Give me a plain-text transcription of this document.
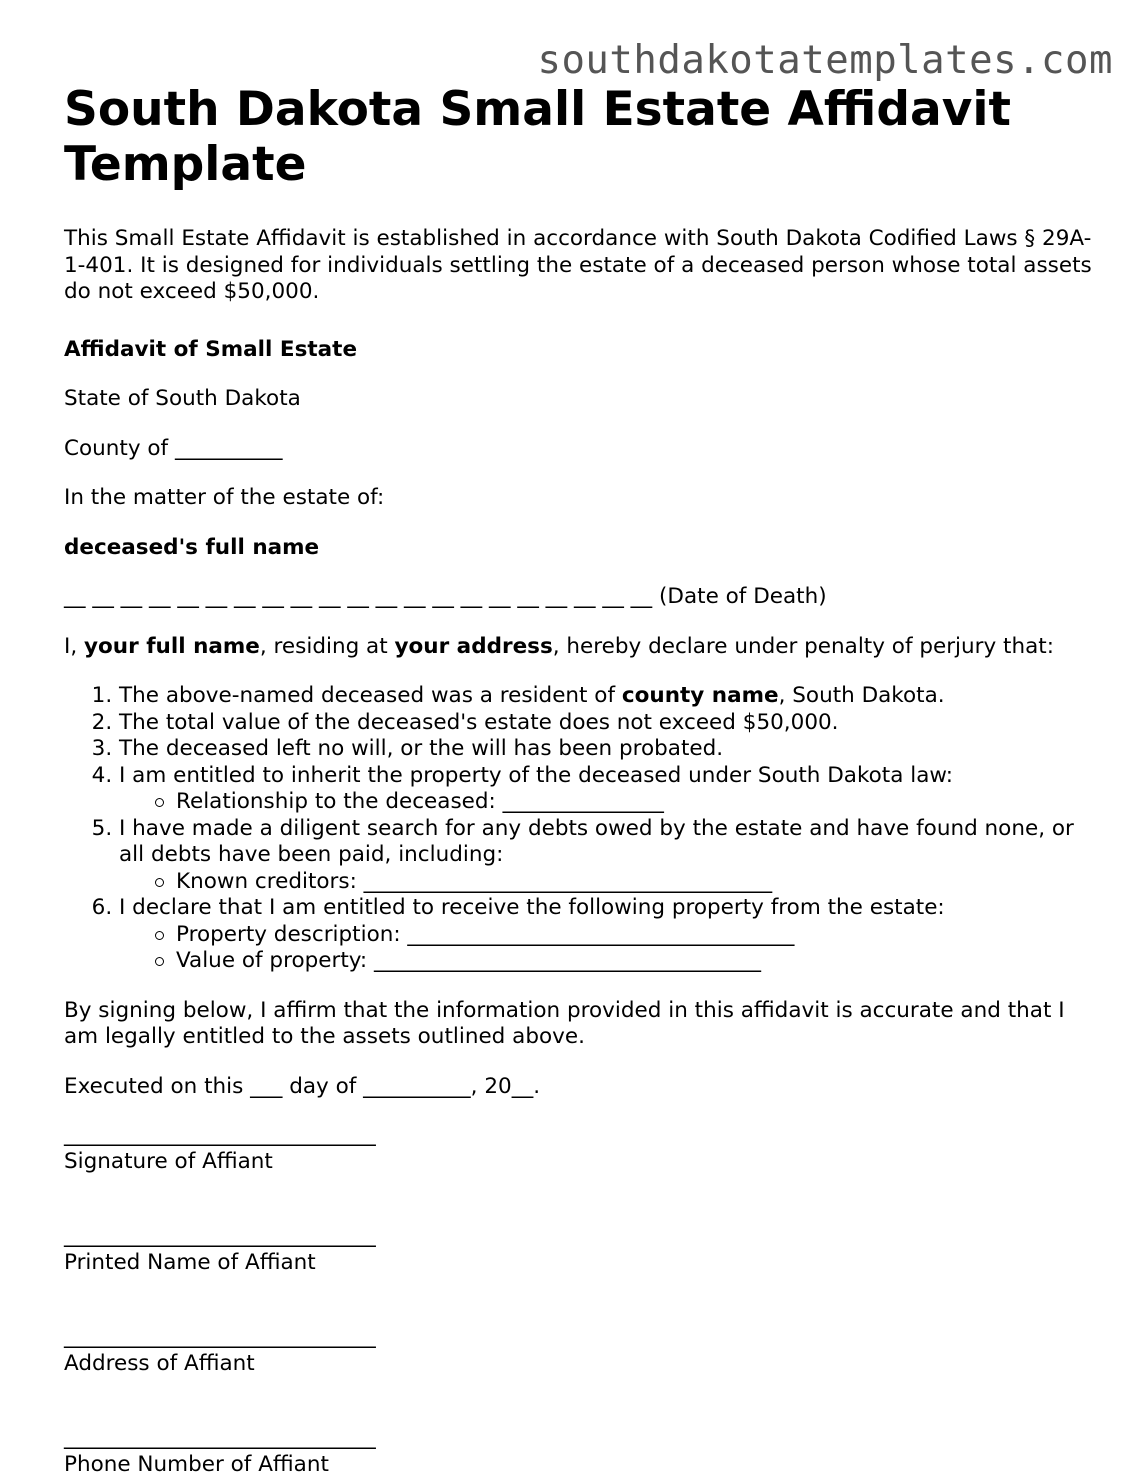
southdakotatemplates.com
South Dakota Small Estate Affidavit Template

This Small Estate Affidavit is established in accordance with South Dakota Codified Laws § 29A-1-401. It is designed for individuals settling the estate of a deceased person whose total assets do not exceed $50,000.

Affidavit of Small Estate

State of South Dakota

County of __________

In the matter of the estate of:

deceased's full name

__ __ __ __ __ __ __ __ __ __ __ __ __ __ __ __ __ __ __ __ __ (Date of Death)

I, your full name, residing at your address, hereby declare under penalty of perjury that:

1. The above-named deceased was a resident of county name, South Dakota.
2. The total value of the deceased's estate does not exceed $50,000.
3. The deceased left no will, or the will has been probated.
4. I am entitled to inherit the property of the deceased under South Dakota law:
Relationship to the deceased: _______________
5. I have made a diligent search for any debts owed by the estate and have found none, or all debts have been paid, including:
Known creditors: ______________________________________
6. I declare that I am entitled to receive the following property from the estate:
Property description: ____________________________________
Value of property: ____________________________________

By signing below, I affirm that the information provided in this affidavit is accurate and that I am legally entitled to the assets outlined above.

Executed on this ___ day of __________, 20__.

_____________________________

Signature of Affiant

_____________________________

Printed Name of Affiant

_____________________________

Address of Affiant

_____________________________

Phone Number of Affiant
